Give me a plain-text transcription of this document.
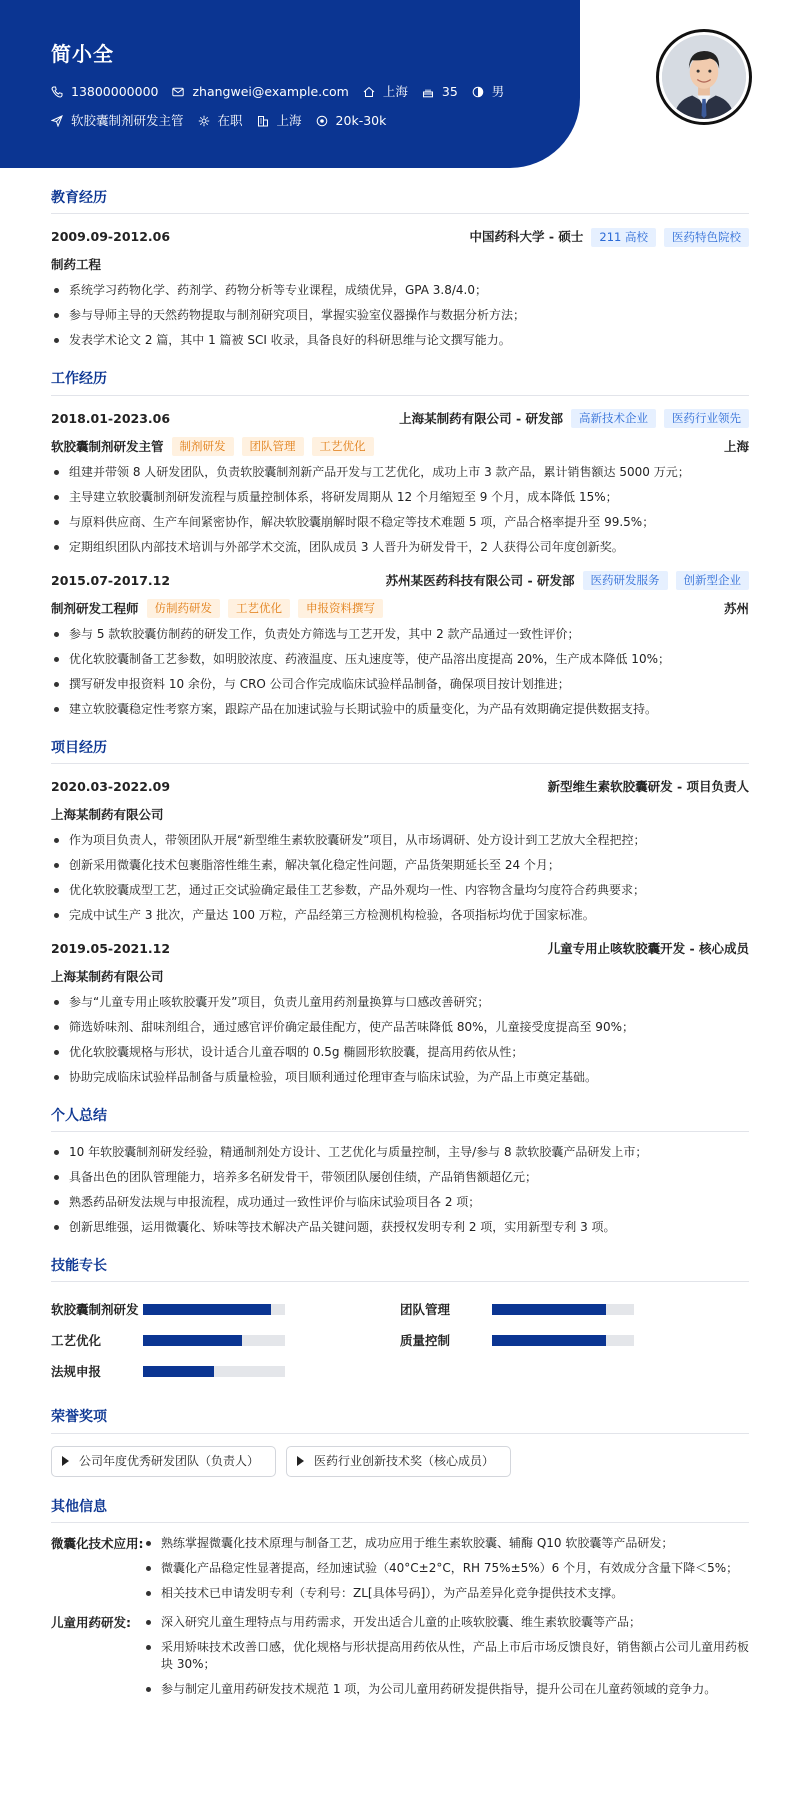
简小全
13800000000	zhangwei@example.com	上海	35	男
软胶囊制剂研发主管	在职	上海	20k-30k
教育经历
2009.09-2012.06	中国药科大学 - 硕士	211 高校	医药特色院校
制药工程
系统学习药物化学、药剂学、药物分析等专业课程，成绩优异，GPA 3.8/4.0；
参与导师主导的天然药物提取与制剂研究项目，掌握实验室仪器操作与数据分析方法；
发表学术论文 2 篇，其中 1 篇被 SCI 收录，具备良好的科研思维与论文撰写能力。
工作经历
2018.01-2023.06	上海某制药有限公司 - 研发部	高新技术企业	医药行业领先
软胶囊制剂研发主管	制剂研发	团队管理	工艺优化	上海
组建并带领 8 人研发团队，负责软胶囊制剂新产品开发与工艺优化，成功上市 3 款产品，累计销售额达 5000 万元；
主导建立软胶囊制剂研发流程与质量控制体系，将研发周期从 12 个月缩短至 9 个月，成本降低 15%；
与原料供应商、生产车间紧密协作，解决软胶囊崩解时限不稳定等技术难题 5 项，产品合格率提升至 99.5%；
定期组织团队内部技术培训与外部学术交流，团队成员 3 人晋升为研发骨干，2 人获得公司年度创新奖。
2015.07-2017.12	苏州某医药科技有限公司 - 研发部	医药研发服务	创新型企业
制剂研发工程师	仿制药研发	工艺优化	申报资料撰写	苏州
参与 5 款软胶囊仿制药的研发工作，负责处方筛选与工艺开发，其中 2 款产品通过一致性评价；
优化软胶囊制备工艺参数，如明胶浓度、药液温度、压丸速度等，使产品溶出度提高 20%，生产成本降低 10%；
撰写研发申报资料 10 余份，与 CRO 公司合作完成临床试验样品制备，确保项目按计划推进；
建立软胶囊稳定性考察方案，跟踪产品在加速试验与长期试验中的质量变化，为产品有效期确定提供数据支持。
项目经历
2020.03-2022.09	新型维生素软胶囊研发 - 项目负责人
上海某制药有限公司
作为项目负责人，带领团队开展“新型维生素软胶囊研发”项目，从市场调研、处方设计到工艺放大全程把控；
创新采用微囊化技术包裹脂溶性维生素，解决氧化稳定性问题，产品货架期延长至 24 个月；
优化软胶囊成型工艺，通过正交试验确定最佳工艺参数，产品外观均一性、内容物含量均匀度符合药典要求；
完成中试生产 3 批次，产量达 100 万粒，产品经第三方检测机构检验，各项指标均优于国家标准。
2019.05-2021.12	儿童专用止咳软胶囊开发 - 核心成员
上海某制药有限公司
参与“儿童专用止咳软胶囊开发”项目，负责儿童用药剂量换算与口感改善研究；
筛选娇味剂、甜味剂组合，通过感官评价确定最佳配方，使产品苦味降低 80%，儿童接受度提高至 90%；
优化软胶囊规格与形状，设计适合儿童吞咽的 0.5g 椭圆形软胶囊，提高用药依从性；
协助完成临床试验样品制备与质量检验，项目顺利通过伦理审查与临床试验，为产品上市奠定基础。
个人总结
10 年软胶囊制剂研发经验，精通制剂处方设计、工艺优化与质量控制，主导/参与 8 款软胶囊产品研发上市；
具备出色的团队管理能力，培养多名研发骨干，带领团队屡创佳绩，产品销售额超亿元；
熟悉药品研发法规与申报流程，成功通过一致性评价与临床试验项目各 2 项；
创新思维强，运用微囊化、矫味等技术解决产品关键问题，获授权发明专利 2 项，实用新型专利 3 项。
技能专长
软胶囊制剂研发	团队管理
工艺优化	质量控制
法规申报
荣誉奖项
公司年度优秀研发团队（负责人）	医药行业创新技术奖（核心成员）
其他信息
微囊化技术应用:	熟练掌握微囊化技术原理与制备工艺，成功应用于维生素软胶囊、辅酶 Q10 软胶囊等产品研发；
微囊化产品稳定性显著提高，经加速试验（40°C±2°C，RH 75%±5%）6 个月，有效成分含量下降＜5%；
相关技术已申请发明专利（专利号：ZL[具体号码]），为产品差异化竞争提供技术支撑。
儿童用药研发:	深入研究儿童生理特点与用药需求，开发出适合儿童的止咳软胶囊、维生素软胶囊等产品；
采用矫味技术改善口感，优化规格与形状提高用药依从性，产品上市后市场反馈良好，销售额占公司儿童用药板块 30%；
参与制定儿童用药研发技术规范 1 项，为公司儿童用药研发提供指导，提升公司在儿童药领域的竞争力。
